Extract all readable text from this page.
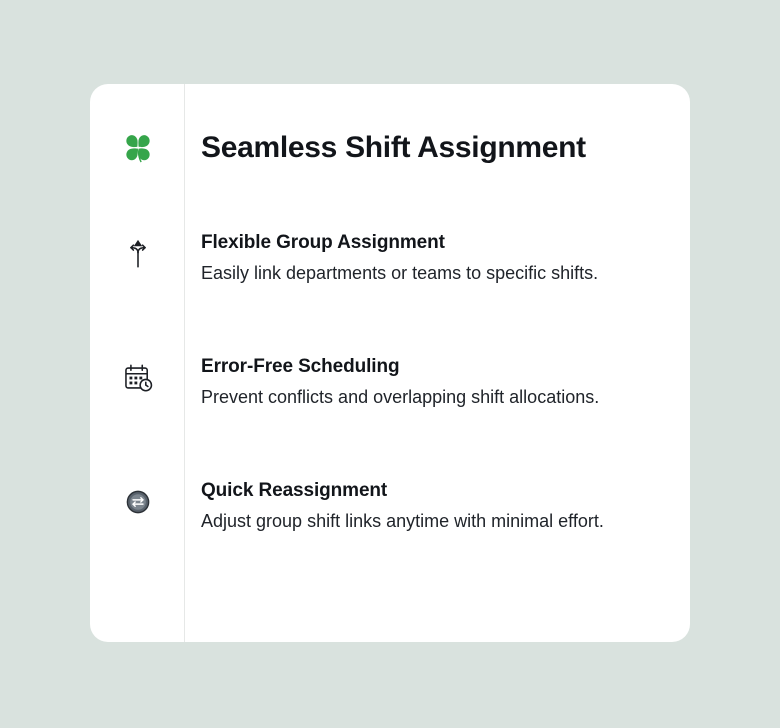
Seamless Shift Assignment

Flexible Group Assignment

Easily link departments or teams to specific shifts.

Error-Free Scheduling

Prevent conflicts and overlapping shift allocations.

Quick Reassignment

Adjust group shift links anytime with minimal effort.
